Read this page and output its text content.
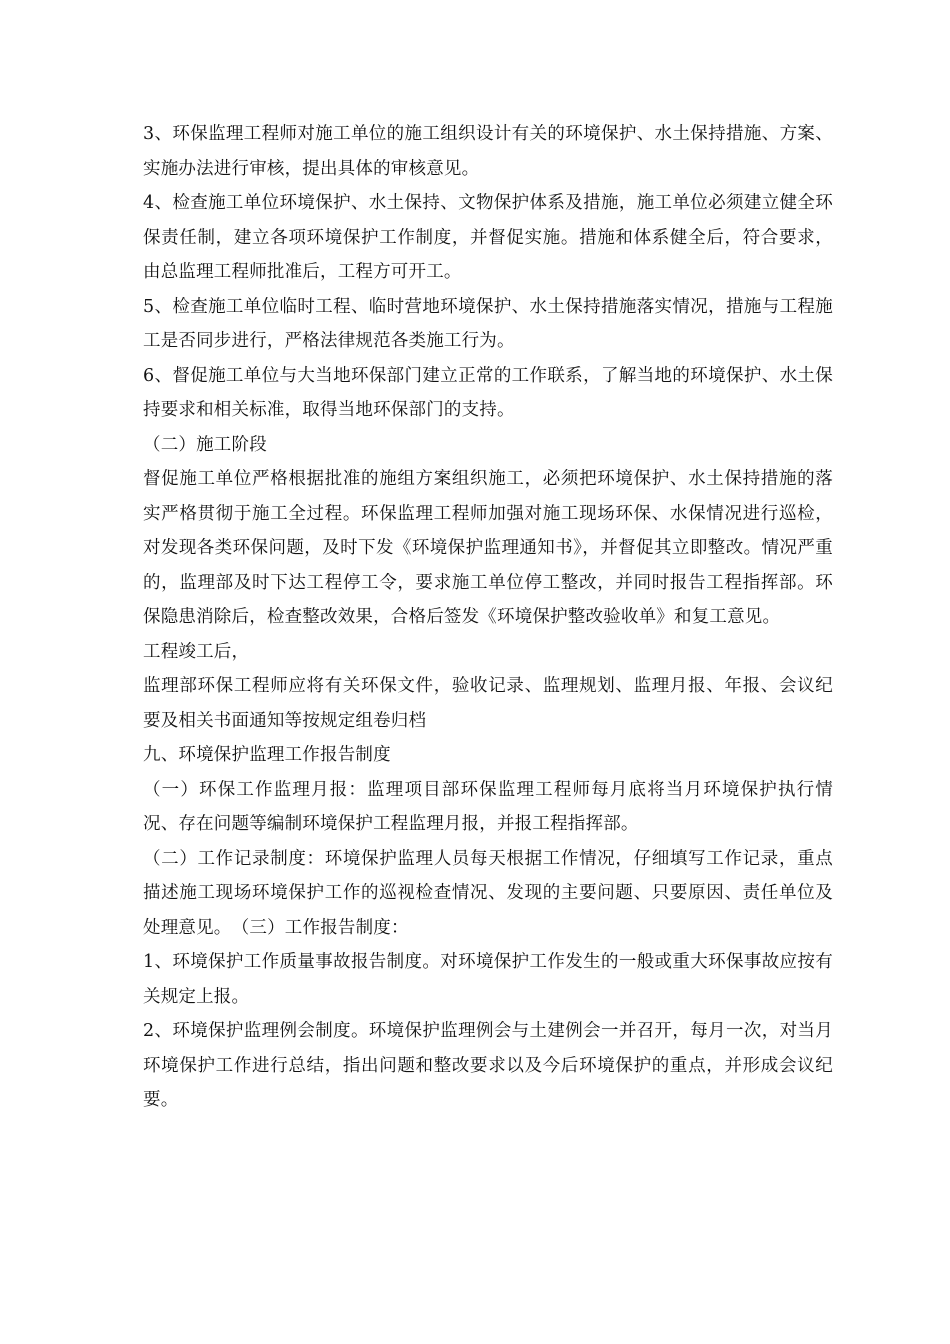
3、环保监理工程师对施工单位的施工组织设计有关的环境保护、水土保持措施、方案、实施办法进行审核，提出具体的审核意见。

4、检查施工单位环境保护、水土保持、文物保护体系及措施，施工单位必须建立健全环保责任制，建立各项环境保护工作制度，并督促实施。措施和体系健全后，符合要求，由总监理工程师批准后，工程方可开工。

5、检查施工单位临时工程、临时营地环境保护、水土保持措施落实情况，措施与工程施工是否同步进行，严格法律规范各类施工行为。

6、督促施工单位与大当地环保部门建立正常的工作联系，了解当地的环境保护、水土保持要求和相关标准，取得当地环保部门的支持。

（二）施工阶段

督促施工单位严格根据批准的施组方案组织施工，必须把环境保护、水土保持措施的落实严格贯彻于施工全过程。环保监理工程师加强对施工现场环保、水保情况进行巡检，对发现各类环保问题，及时下发《环境保护监理通知书》，并督促其立即整改。情况严重的，监理部及时下达工程停工令，要求施工单位停工整改，并同时报告工程指挥部。环保隐患消除后，检查整改效果，合格后签发《环境保护整改验收单》和复工意见。

工程竣工后，

监理部环保工程师应将有关环保文件，验收记录、监理规划、监理月报、年报、会议纪要及相关书面通知等按规定组卷归档

九、环境保护监理工作报告制度

（一）环保工作监理月报：监理项目部环保监理工程师每月底将当月环境保护执行情况、存在问题等编制环境保护工程监理月报，并报工程指挥部。

（二）工作记录制度：环境保护监理人员每天根据工作情况，仔细填写工作记录，重点描述施工现场环境保护工作的巡视检查情况、发现的主要问题、只要原因、责任单位及处理意见。　（三）工作报告制度：

1、环境保护工作质量事故报告制度。对环境保护工作发生的一般或重大环保事故应按有关规定上报。

2、环境保护监理例会制度。环境保护监理例会与土建例会一并召开，每月一次，对当月环境保护工作进行总结，指出问题和整改要求以及今后环境保护的重点，并形成会议纪要。
